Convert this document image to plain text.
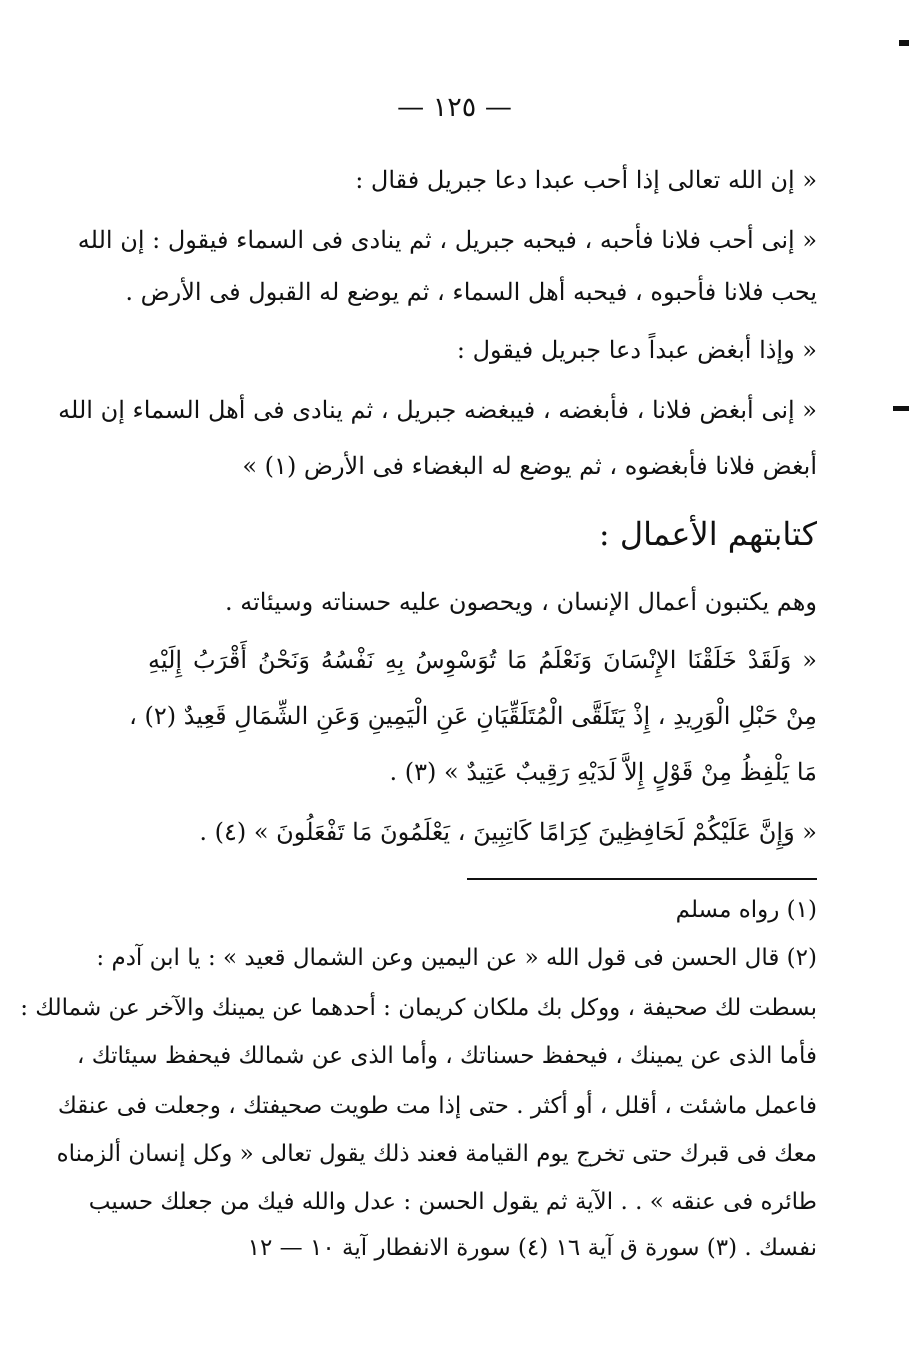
— ١٢٥ —
« إن الله تعالى إذا أحب عبدا دعا جبريل فقال :
« إنى أحب فلانا فأحبه ، فيحبه جبريل ، ثم ينادى فى السماء فيقول : إن الله
يحب فلانا فأحبوه ، فيحبه أهل السماء ، ثم يوضع له القبول فى الأرض .
« وإذا أبغض عبداً دعا جبريل فيقول :
« إنى أبغض فلانا ، فأبغضه ، فيبغضه جبريل ، ثم ينادى فى أهل السماء إن الله
أبغض فلانا فأبغضوه ، ثم يوضع له البغضاء فى الأرض (١) »
كتابتهم الأعمال :
وهم يكتبون أعمال الإنسان ، ويحصون عليه حسناته وسيئاته .
« وَلَقَدْ خَلَقْنَا الإِنْسَانَ وَنَعْلَمُ مَا تُوَسْوِسُ بِهِ نَفْسُهُ وَنَحْنُ أَقْرَبُ إِلَيْهِ
مِنْ حَبْلِ الْوَرِيدِ ، إِذْ يَتَلَقَّى الْمُتَلَقِّيَانِ عَنِ الْيَمِينِ وَعَنِ الشِّمَالِ قَعِيدٌ (٢) ،
مَا يَلْفِظُ مِنْ قَوْلٍ إِلاَّ لَدَيْهِ رَقِيبٌ عَتِيدٌ » (٣) .
« وَإِنَّ عَلَيْكُمْ لَحَافِظِينَ كِرَامًا كَاتِبِينَ ، يَعْلَمُونَ مَا تَفْعَلُونَ » (٤) .
(١) رواه مسلم
(٢) قال الحسن فى قول الله « عن اليمين وعن الشمال قعيد » : يا ابن آدم :
بسطت لك صحيفة ، ووكل بك ملكان كريمان : أحدهما عن يمينك والآخر عن شمالك :
فأما الذى عن يمينك ، فيحفظ حسناتك ، وأما الذى عن شمالك فيحفظ سيئاتك ،
فاعمل ماشئت ، أقلل ، أو أكثر . حتى إذا مت طويت صحيفتك ، وجعلت فى عنقك
معك فى قبرك حتى تخرج يوم القيامة فعند ذلك يقول تعالى « وكل إنسان ألزمناه
طائره فى عنقه » . . الآية ثم يقول الحسن : عدل والله فيك من جعلك حسيب
نفسك . (٣) سورة ق آية ١٦ (٤) سورة الانفطار آية ١٠ — ١٢
